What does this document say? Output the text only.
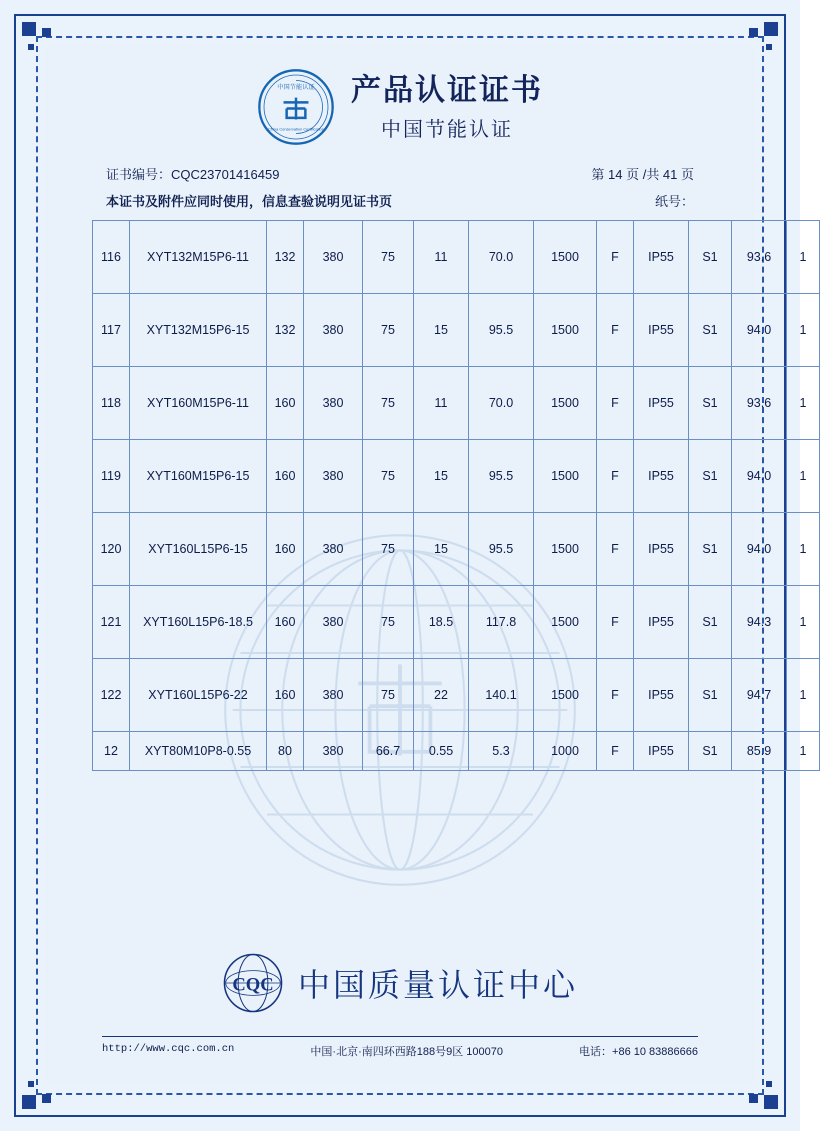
中国节能认证
China Conservation Certification
产品认证证书
中国节能认证
证书编号：CQC23701416459	第 14 页 /共 41 页
本证书及附件应同时使用，信息查验说明见证书页	纸号：
116	XYT132M15P6-11	132	380	75	11	70.0	1500	F	IP55	S1	93.6	1
117	XYT132M15P6-15	132	380	75	15	95.5	1500	F	IP55	S1	94.0	1
118	XYT160M15P6-11	160	380	75	11	70.0	1500	F	IP55	S1	93.6	1
119	XYT160M15P6-15	160	380	75	15	95.5	1500	F	IP55	S1	94.0	1
120	XYT160L15P6-15	160	380	75	15	95.5	1500	F	IP55	S1	94.0	1
121	XYT160L15P6-18.5	160	380	75	18.5	117.8	1500	F	IP55	S1	94.3	1
122	XYT160L15P6-22	160	380	75	22	140.1	1500	F	IP55	S1	94.7	1
12	XYT80M10P8-0.55	80	380	66.7	0.55	5.3	1000	F	IP55	S1	85.9	1
CQC 中国质量认证中心
http://www.cqc.com.cn	中国·北京·南四环西路188号9区 100070	电话：+86 10 83886666
